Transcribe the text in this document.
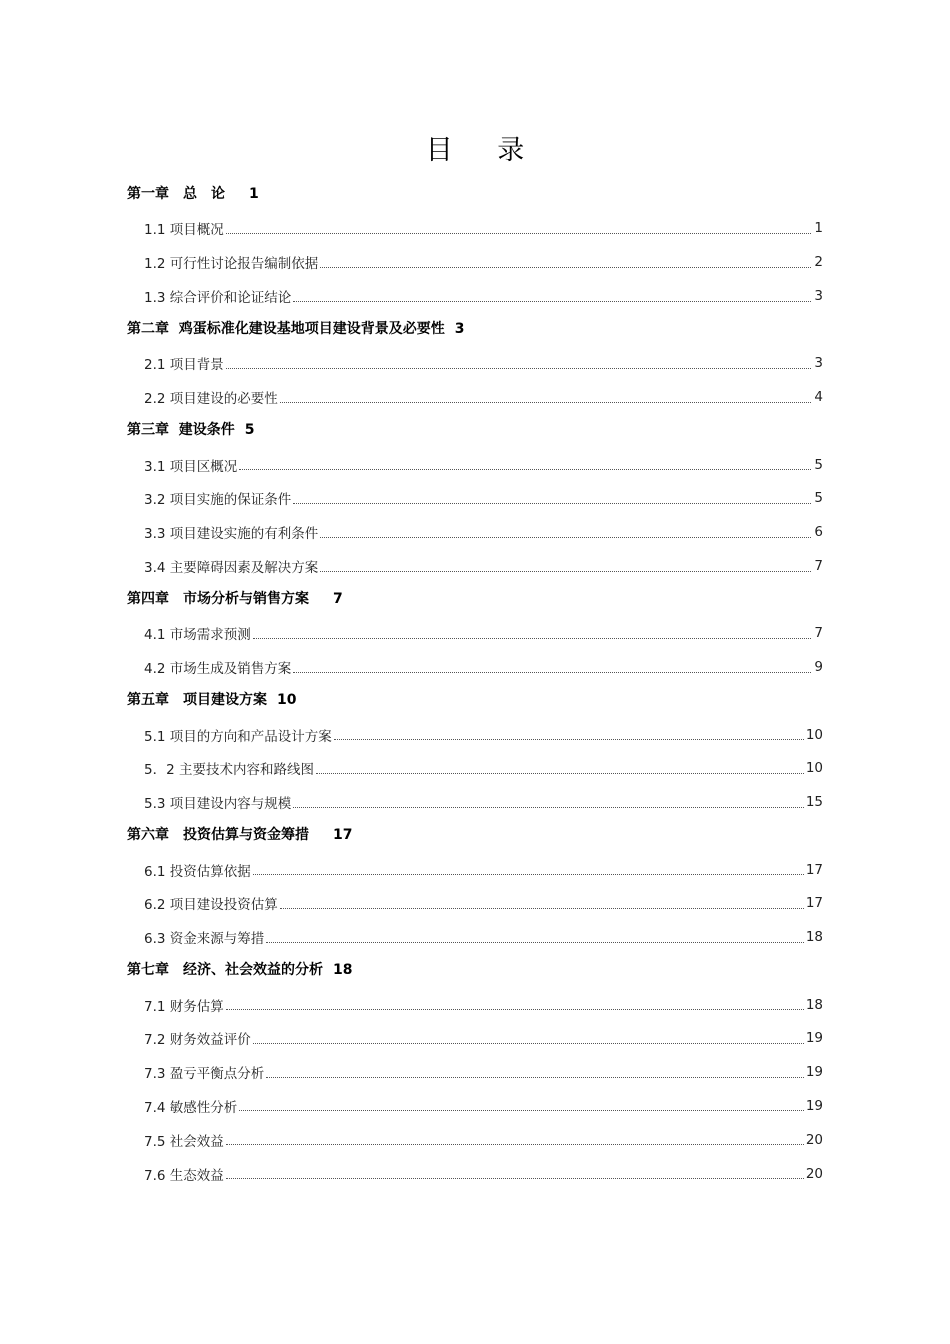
目 录
第一章　总　论　1
1.1 项目概况	1
1.2 可行性讨论报告编制依据	2
1.3 综合评价和论证结论	3
第二章  鸡蛋标准化建设基地项目建设背景及必要性 3
2.1 项目背景	3
2.2 项目建设的必要性	4
第三章  建设条件 5
3.1 项目区概况	5
3.2 项目实施的保证条件	5
3.3 项目建设实施的有利条件	6
3.4 主要障碍因素及解决方案	7
第四章　市场分析与销售方案　7
4.1 市场需求预测	7
4.2 市场生成及销售方案	9
第五章　项目建设方案 10
5.1 项目的方向和产品设计方案	10
5．2 主要技术内容和路线图	10
5.3 项目建设内容与规模	15
第六章　投资估算与资金筹措　17
6.1 投资估算依据	17
6.2 项目建设投资估算	17
6.3 资金来源与筹措	18
第七章　经济、社会效益的分析 18
7.1 财务估算	18
7.2 财务效益评价	19
7.3 盈亏平衡点分析	19
7.4 敏感性分析	19
7.5 社会效益	20
7.6 生态效益	20
